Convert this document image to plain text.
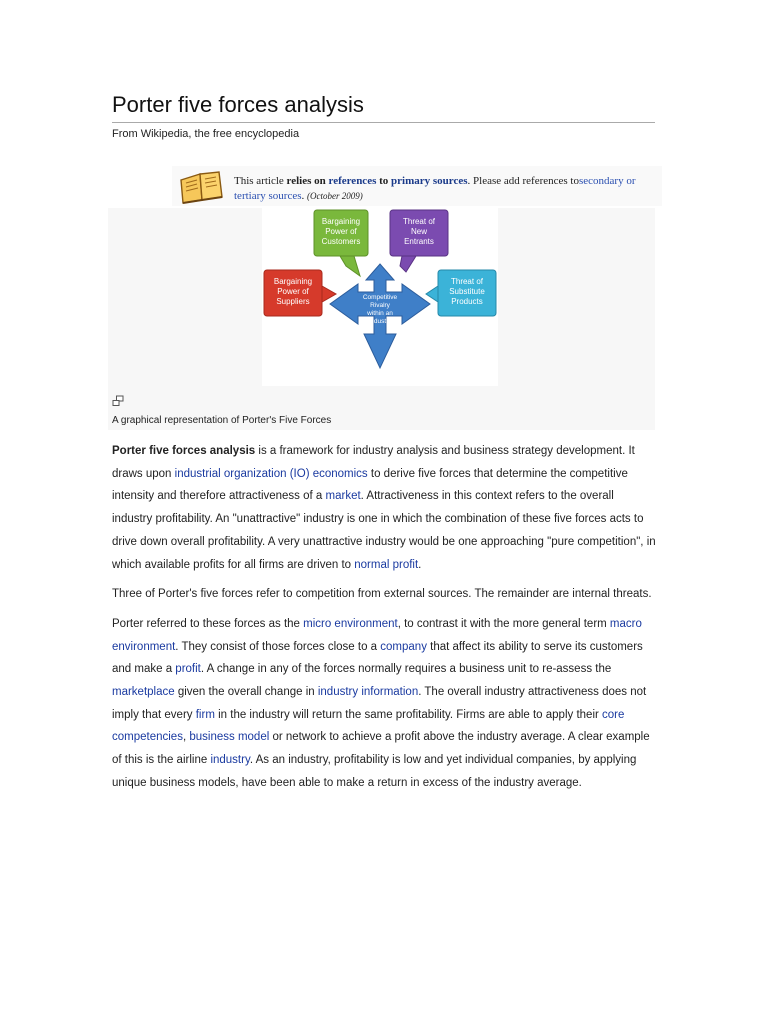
Porter five forces analysis
From Wikipedia, the free encyclopedia
This article relies on references to primary sources. Please add references tosecondary or tertiary sources. (October 2009)
Bargaining
Power of
Customers
Threat of
New
Entrants
Bargaining
Power of
Suppliers
Threat of
Substitute
Products
Competitive
Rivalry
within an
Industry
A graphical representation of Porter's Five Forces

Porter five forces analysis is a framework for industry analysis and business strategy development. It draws upon industrial organization (IO) economics to derive five forces that determine the competitive intensity and therefore attractiveness of a market. Attractiveness in this context refers to the overall industry profitability. An "unattractive" industry is one in which the combination of these five forces acts to drive down overall profitability. A very unattractive industry would be one approaching "pure competition", in which available profits for all firms are driven to normal profit.

Three of Porter's five forces refer to competition from external sources. The remainder are internal threats.

Porter referred to these forces as the micro environment, to contrast it with the more general term macro environment. They consist of those forces close to a company that affect its ability to serve its customers and make a profit. A change in any of the forces normally requires a business unit to re-assess the marketplace given the overall change in industry information. The overall industry attractiveness does not imply that every firm in the industry will return the same profitability. Firms are able to apply their core competencies, business model or network to achieve a profit above the industry average. A clear example of this is the airline industry. As an industry, profitability is low and yet individual companies, by applying unique business models, have been able to make a return in excess of the industry average.
